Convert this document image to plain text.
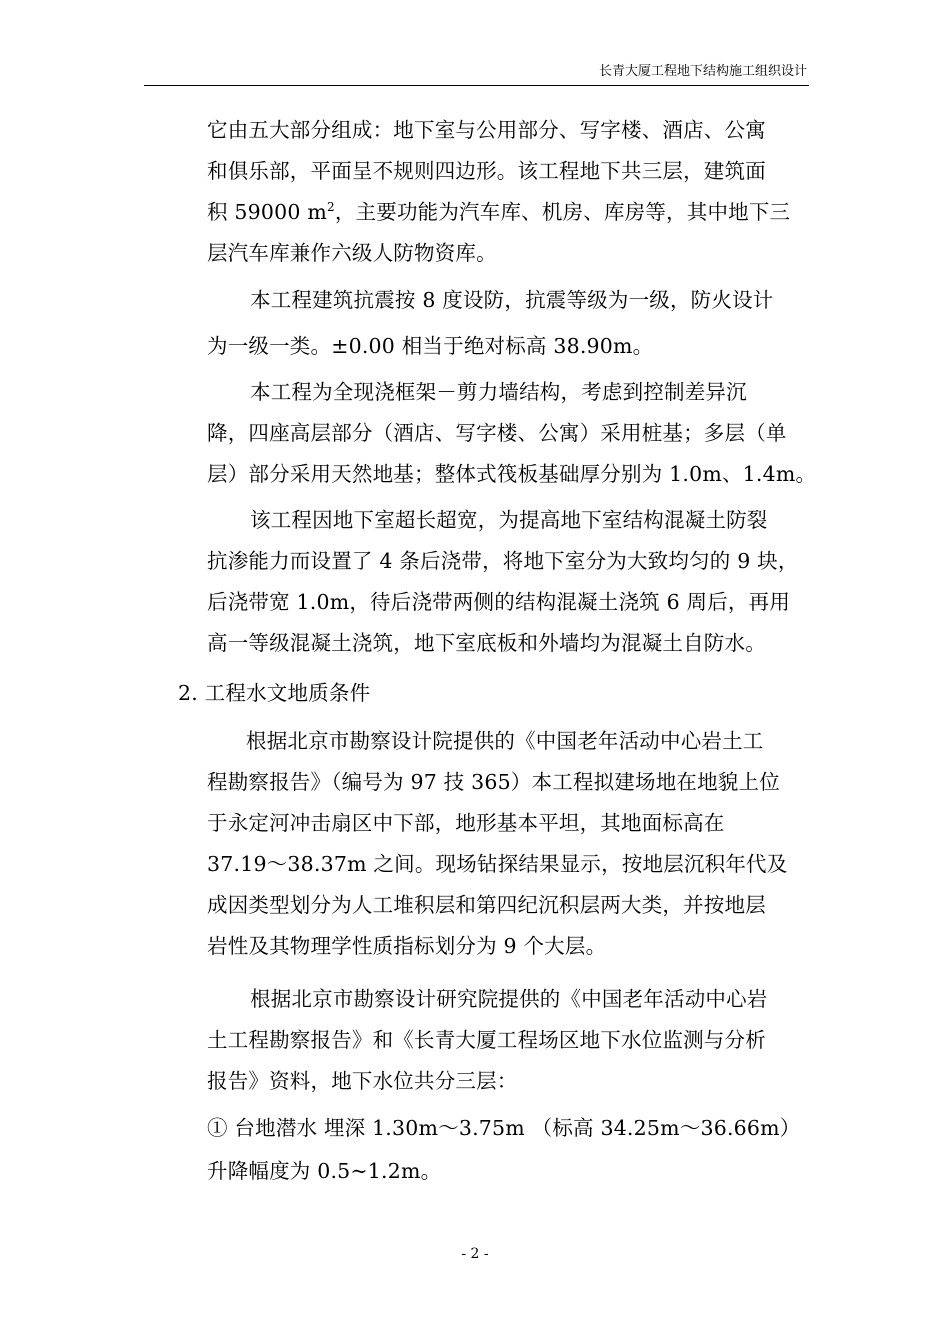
长青大厦工程地下结构施工组织设计
它由五大部分组成：地下室与公用部分、写字楼、酒店、公寓
和俱乐部，平面呈不规则四边形。该工程地下共三层，建筑面
积 59000 $m^2$，主要功能为汽车库、机房、库房等，其中地下三
层汽车库兼作六级人防物资库。
本工程建筑抗震按 8 度设防，抗震等级为一级，防火设计
为一级一类。±0.00 相当于绝对标高 38.90m。
本工程为全现浇框架－剪力墙结构，考虑到控制差异沉
降，四座高层部分（酒店、写字楼、公寓）采用桩基；多层（单
层）部分采用天然地基；整体式筏板基础厚分别为 1.0m、1.4m。
该工程因地下室超长超宽，为提高地下室结构混凝土防裂
抗渗能力而设置了 4 条后浇带，将地下室分为大致均匀的 9 块，
后浇带宽 1.0m，待后浇带两侧的结构混凝土浇筑 6 周后，再用
高一等级混凝土浇筑，地下室底板和外墙均为混凝土自防水。
2. 工程水文地质条件
根据北京市勘察设计院提供的《中国老年活动中心岩土工
程勘察报告》（编号为 97 技 365）本工程拟建场地在地貌上位
于永定河冲击扇区中下部，地形基本平坦，其地面标高在
37.19～38.37m 之间。现场钻探结果显示，按地层沉积年代及
成因类型划分为人工堆积层和第四纪沉积层两大类，并按地层
岩性及其物理学性质指标划分为 9 个大层。
根据北京市勘察设计研究院提供的《中国老年活动中心岩
土工程勘察报告》和《长青大厦工程场区地下水位监测与分析
报告》资料，地下水位共分三层：
① 台地潜水 埋深 1.30m～3.75m （标高 34.25m～36.66m）
升降幅度为 0.5~1.2m。
- 2 -
